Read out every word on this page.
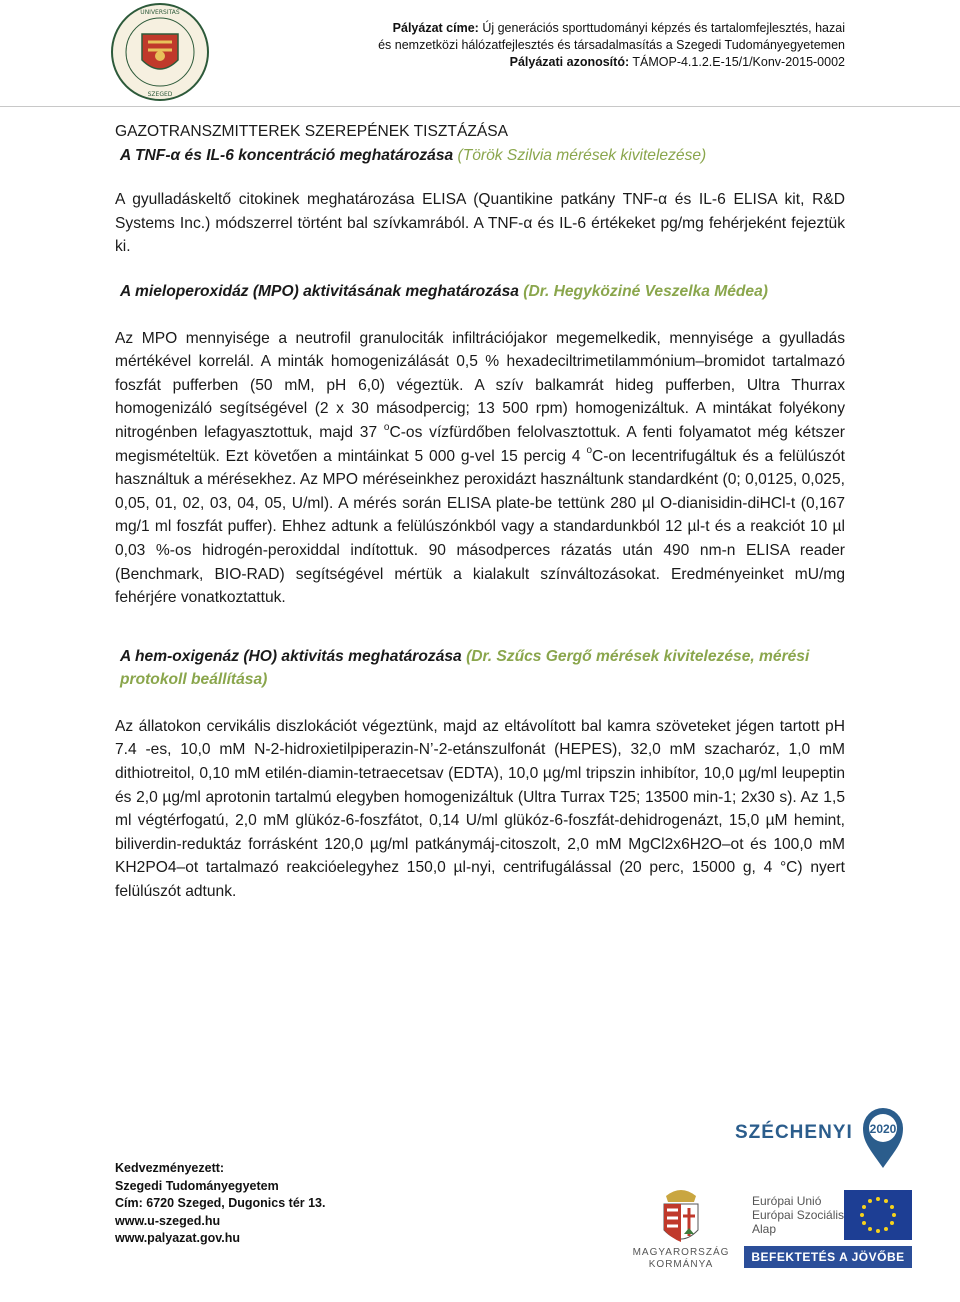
UNIVERSITAS
SZEGED
Pályázat címe: Új generációs sporttudományi képzés és tartalomfejlesztés, hazai
és nemzetközi hálózatfejlesztés és társadalmasítás a Szegedi Tudományegyetemen
Pályázati azonosító: TÁMOP-4.1.2.E-15/1/Konv-2015-0002

GAZOTRANSZMITTEREK SZEREPÉNEK TISZTÁZÁSA

A TNF-α és IL-6 koncentráció meghatározása (Török Szilvia mérések kivitelezése)

A gyulladáskeltő citokinek meghatározása ELISA (Quantikine patkány TNF-α és IL-6 ELISA kit, R&D Systems Inc.) módszerrel történt bal szívkamrából. A TNF-α és IL-6 értékeket pg/mg fehérjeként fejeztük ki.

A mieloperoxidáz (MPO) aktivitásának meghatározása (Dr. Hegyköziné Veszelka Médea)

Az MPO mennyisége a neutrofil granulociták infiltrációjakor megemelkedik, mennyisége a gyulladás mértékével korrelál. A minták homogenizálását 0,5 % hexadeciltrimetilammónium–bromidot tartalmazó foszfát pufferben (50 mM, pH 6,0) végeztük. A szív balkamrát hideg pufferben, Ultra Thurrax homogenizáló segítségével (2 x 30 másodpercig; 13 500 rpm) homogenizáltuk. A mintákat folyékony nitrogénben lefagyasztottuk, majd 37 $^o$C-os vízfürdőben felolvasztottuk. A fenti folyamatot még kétszer megismételtük. Ezt követően a mintáinkat 5 000 g-vel 15 percig 4 $^o$C-on lecentrifugáltuk és a felülúszót használtuk a mérésekhez. Az MPO méréseinkhez peroxidázt használtunk standardként (0; 0,0125, 0,025, 0,05, 01, 02, 03, 04, 05, U/ml). A mérés során ELISA plate-be tettünk 280 µl O-dianisidin-diHCl-t (0,167 mg/1 ml foszfát puffer). Ehhez adtunk a felülúszónkból vagy a standardunkból 12 µl-t és a reakciót 10 µl 0,03 %-os hidrogén-peroxiddal indítottuk. 90 másodperces rázatás után 490 nm-n ELISA reader (Benchmark, BIO-RAD) segítségével mértük a kialakult színváltozásokat. Eredményeinket mU/mg fehérjére vonatkoztattuk.

A hem-oxigenáz (HO) aktivitás meghatározása (Dr. Szűcs Gergő mérések kivitelezése, mérési protokoll beállítása)

Az állatokon cervikális diszlokációt végeztünk, majd az eltávolított bal kamra szöveteket jégen tartott pH 7.4 -es, 10,0 mM N-2-hidroxietilpiperazin-N’-2-etánszulfonát (HEPES), 32,0 mM szacharóz, 1,0 mM dithiotreitol, 0,10 mM etilén-diamin-tetraecetsav (EDTA), 10,0 µg/ml tripszin inhibítor, 10,0 µg/ml leupeptin és 2,0 µg/ml aprotonin tartalmú elegyben homogenizáltuk (Ultra Turrax T25; 13500 min-1; 2x30 s). Az 1,5 ml végtérfogatú, 2,0 mM glükóz-6-foszfátot, 0,14 U/ml glükóz-6-foszfát-dehidrogenázt, 15,0 µM hemint, biliverdin-reduktáz forrásként 120,0 µg/ml patkánymáj-citoszolt, 2,0 mM MgCl2x6H2O–ot és 100,0 mM KH2PO4–ot tartalmazó reakcióelegyhez 150,0 µl-nyi, centrifugálással (20 perc, 15000 g, 4 °C) nyert felülúszót adtunk.

Kedvezményezett:
Szegedi Tudományegyetem
Cím: 6720 Szeged, Dugonics tér 13.
www.u-szeged.hu
www.palyazat.gov.hu
SZÉCHENYI 2020
MAGYARORSZÁG
KORMÁNYA
Európai Unió
Európai Szociális
Alap
BEFEKTETÉS A JÖVŐBE
